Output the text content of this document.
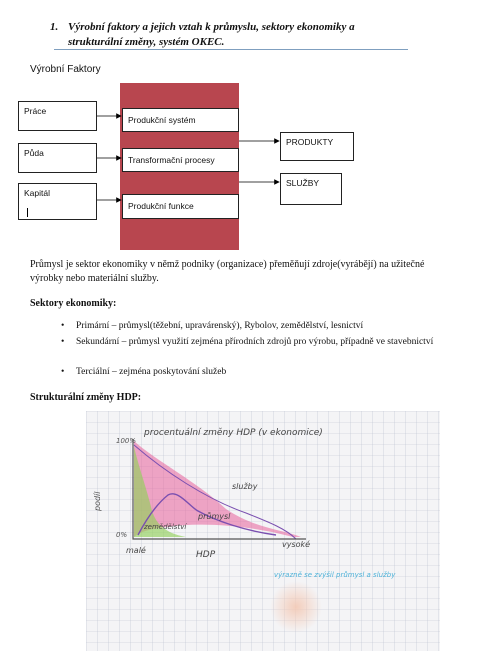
1. Výrobní faktory a jejich vztah k průmyslu, sektory ekonomiky a strukturální změny, systém OKEC.
Výrobní Faktory
Práce
Půda
Kapitál
Produkční systém
Transformační procesy
Produkční funkce
PRODUKTY
SLUŽBY
Průmysl je sektor ekonomiky v němž podniky (organizace) přeměňují zdroje(vyrábějí) na užitečné výrobky nebo materiální služby.
Sektory ekonomiky:
• Primární – průmysl(těžební, upravárenský), Rybolov, zemědělství, lesnictví
• Sekundární – průmysl využití zejména přírodních zdrojů pro výrobu, případně ve stavebnictví
• Terciální – zejména poskytování služeb
Strukturální změny HDP:
procentuální změny HDP (v ekonomice)
100%
0%
podíl
služby
průmysl
zemědělství
malé	HDP
vysoké
výrazně se zvýšil průmysl a služby
